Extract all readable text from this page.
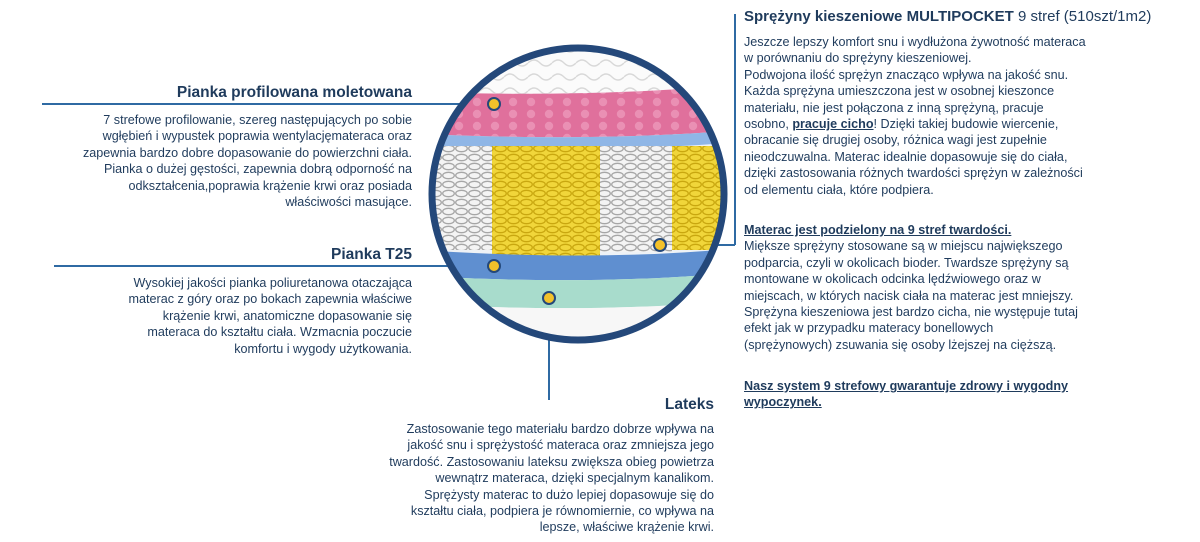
Pianka profilowana moletowana

7 strefowe profilowanie, szereg następujących po sobie

wgłębień i wypustek poprawia wentylacjęmateraca oraz

zapewnia bardzo dobre dopasowanie do powierzchni ciała.

Pianka o dużej gęstości, zapewnia dobrą odporność na

odkształcenia,poprawia krążenie krwi oraz posiada

właściwości masujące.

Pianka T25

Wysokiej jakości pianka poliuretanowa otaczająca

materac z góry oraz po bokach zapewnia właściwe

krążenie krwi, anatomiczne dopasowanie się

materaca do kształtu ciała. Wzmacnia poczucie

komfortu i wygody użytkowania.

Lateks

Zastosowanie tego materiału bardzo dobrze wpływa na

jakość snu i sprężystość materaca oraz zmniejsza jego

twardość. Zastosowaniu lateksu zwiększa obieg powietrza

wewnątrz materaca, dzięki specjalnym kanalikom.

Sprężysty materac to dużo lepiej dopasowuje się do

kształtu ciała, podpiera je równomiernie, co wpływa na

lepsze, właściwe krążenie krwi.

Sprężyny kieszeniowe MULTIPOCKET 9 stref (510szt/1m2)

Jeszcze lepszy komfort snu i wydłużona żywotność materaca

w porównaniu do sprężyny kieszeniowej.

Podwojona ilość sprężyn znacząco wpływa na jakość snu.

Każda sprężyna umieszczona jest w osobnej kieszonce

materiału, nie jest połączona z inną sprężyną, pracuje

osobno, pracuje cicho! Dzięki takiej budowie wiercenie,

obracanie się drugiej osoby, różnica wagi jest zupełnie

nieodczuwalna. Materac idealnie dopasowuje się do ciała,

dzięki zastosowania różnych twardości sprężyn w zależności

od elementu ciała, które podpiera.

Materac jest podzielony na 9 stref twardości.

Miększe sprężyny stosowane są w miejscu największego

podparcia, czyli w okolicach bioder. Twardsze sprężyny są

montowane w okolicach odcinka lędźwiowego oraz w

miejscach, w których nacisk ciała na materac jest mniejszy.

Sprężyna kieszeniowa jest bardzo cicha, nie występuje tutaj

efekt jak w przypadku materacy bonellowych

(sprężynowych) zsuwania się osoby lżejszej na cięższą.

Nasz system 9 strefowy gwarantuje zdrowy i wygodny

wypoczynek.
